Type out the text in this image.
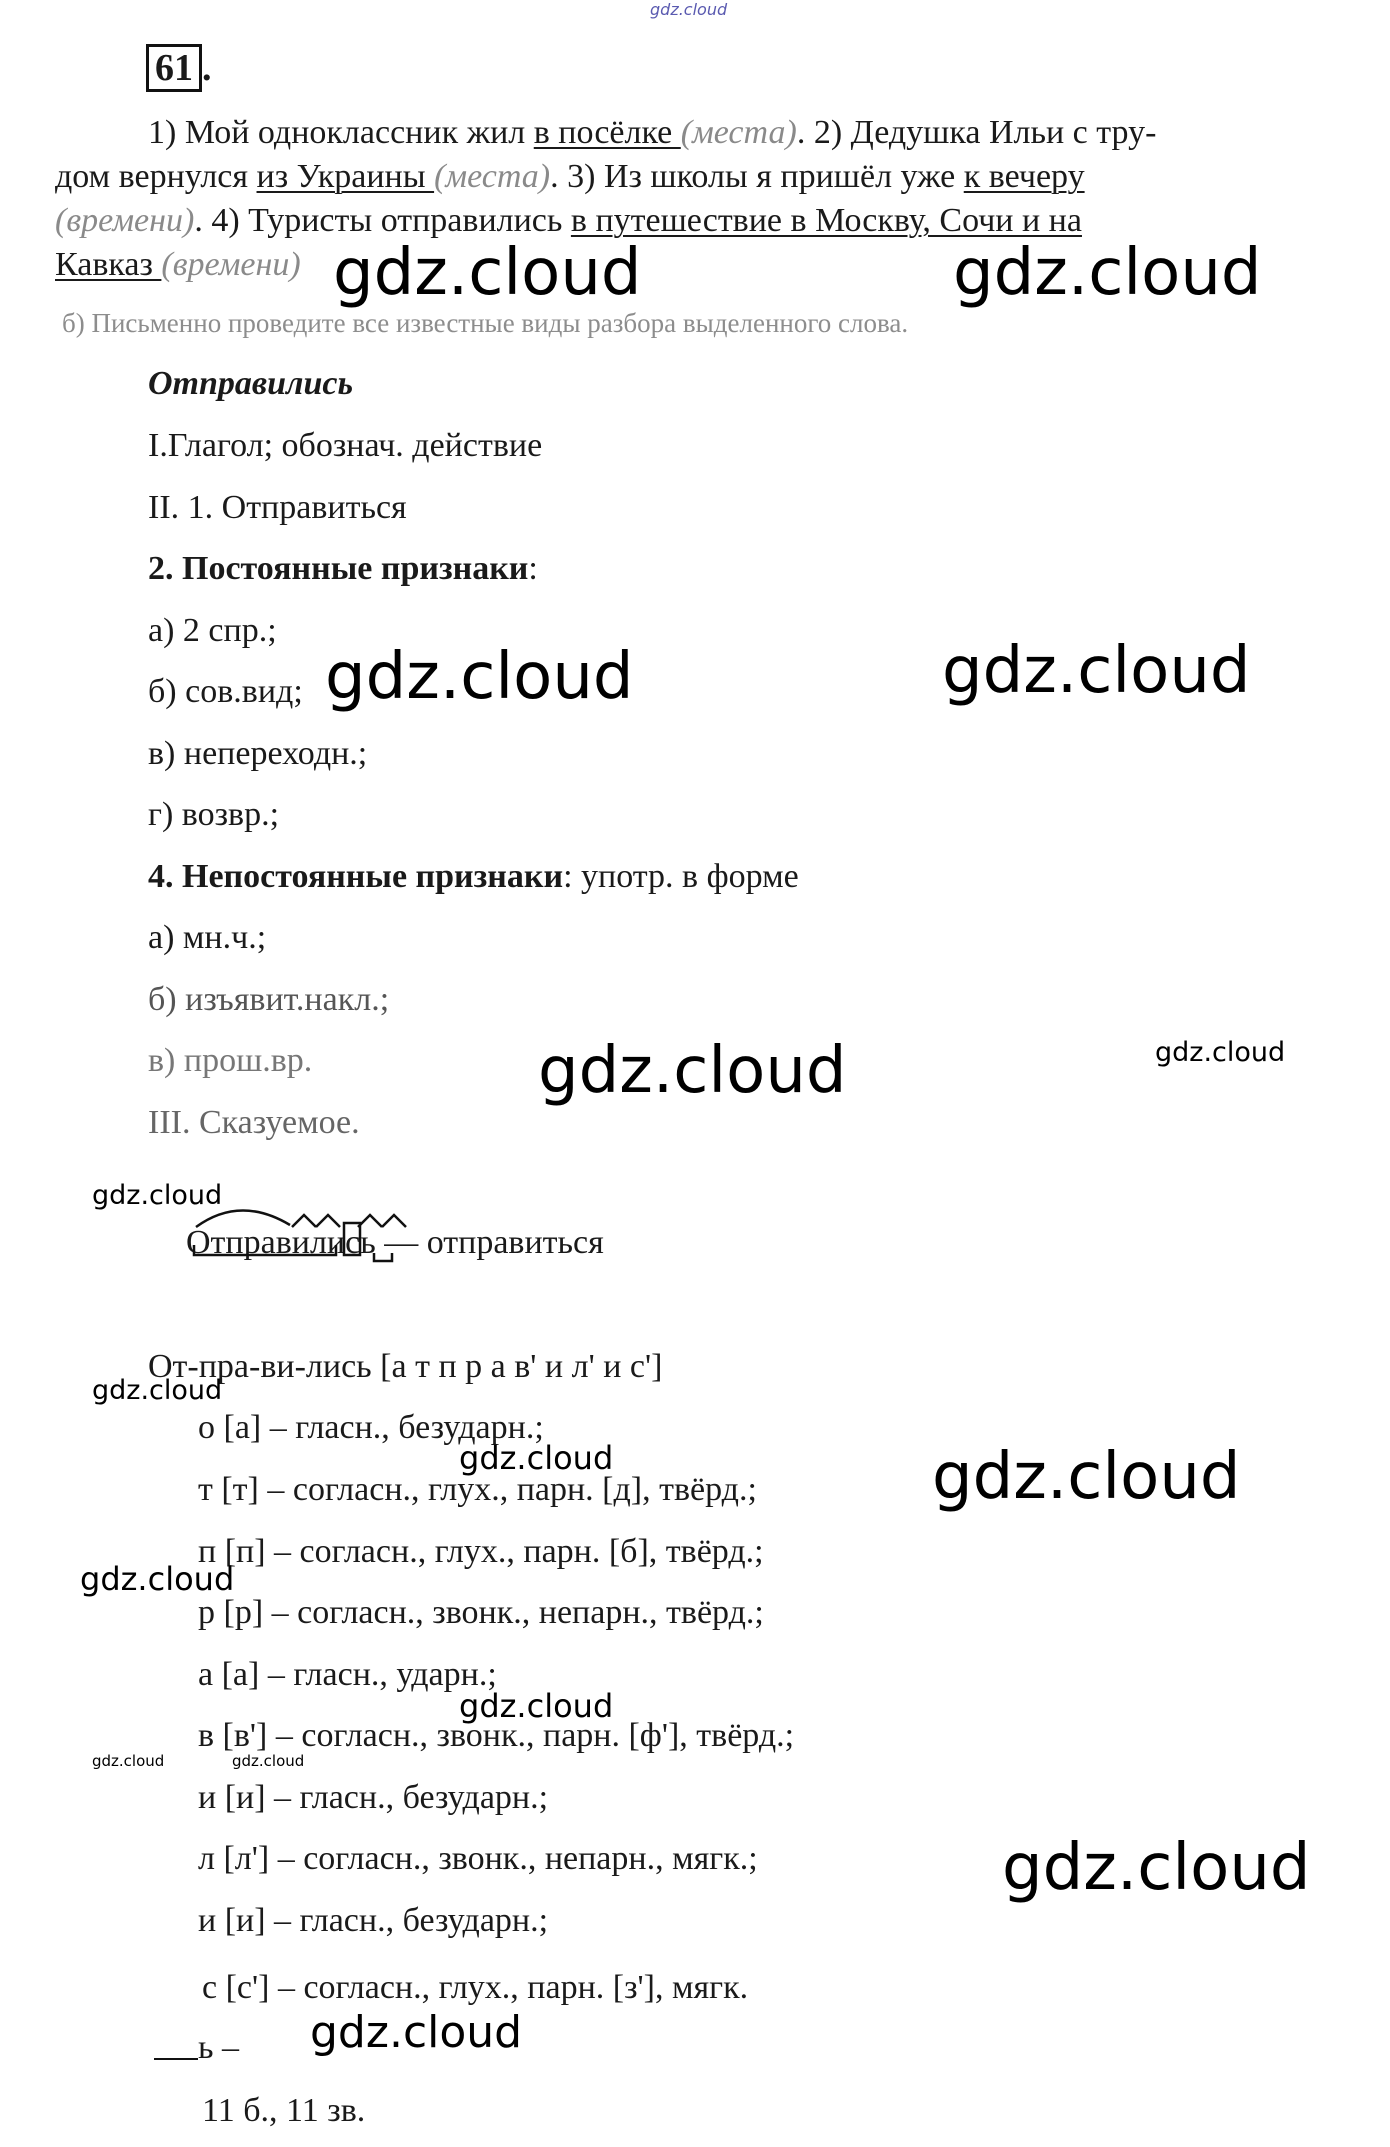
gdz.cloud
61 .
1) Мой одноклассник жил в посёлке (места). 2) Дедушка Ильи с тру-
дом вернулся из Украины (места). 3) Из школы я пришёл уже к вечеру
(времени). 4) Туристы отправились в путешествие в Москву, Сочи и на
Кавказ (времени)
б) Письменно проведите все известные виды разбора выделенного слова.
Отправились
I.Глагол; обознач. действие
II. 1. Отправиться
2. Постоянные признаки:
а) 2 спр.;
б) сов.вид;
в) непереходн.;
г) возвр.;
4. Непостоянные признаки: употр. в форме
а) мн.ч.;
б) изъявит.накл.;
в) прош.вр.
III. Сказуемое.
Отправились — отправиться
От-пра-ви-лись [а т п р а в' и л' и с']
о [а] – гласн., безударн.;
т [т] – согласн., глух., парн. [д], твёрд.;
п [п] – согласн., глух., парн. [б], твёрд.;
р [р] – согласн., звонк., непарн., твёрд.;
а [а] – гласн., ударн.;
в [в'] – согласн., звонк., парн. [ф'], твёрд.;
и [и] – гласн., безударн.;
л [л'] – согласн., звонк., непарн., мягк.;
и [и] – гласн., безударн.;
с [с'] – согласн., глух., парн. [з'], мягк.
ь –
11 б., 11 зв.
gdz.cloud	gdz.cloud
gdz.cloud	gdz.cloud
gdz.cloud	gdz.cloud
gdz.cloud
gdz.cloud
gdz.cloud	gdz.cloud
gdz.cloud
gdz.cloud
gdz.cloud	gdz.cloud
gdz.cloud
gdz.cloud
